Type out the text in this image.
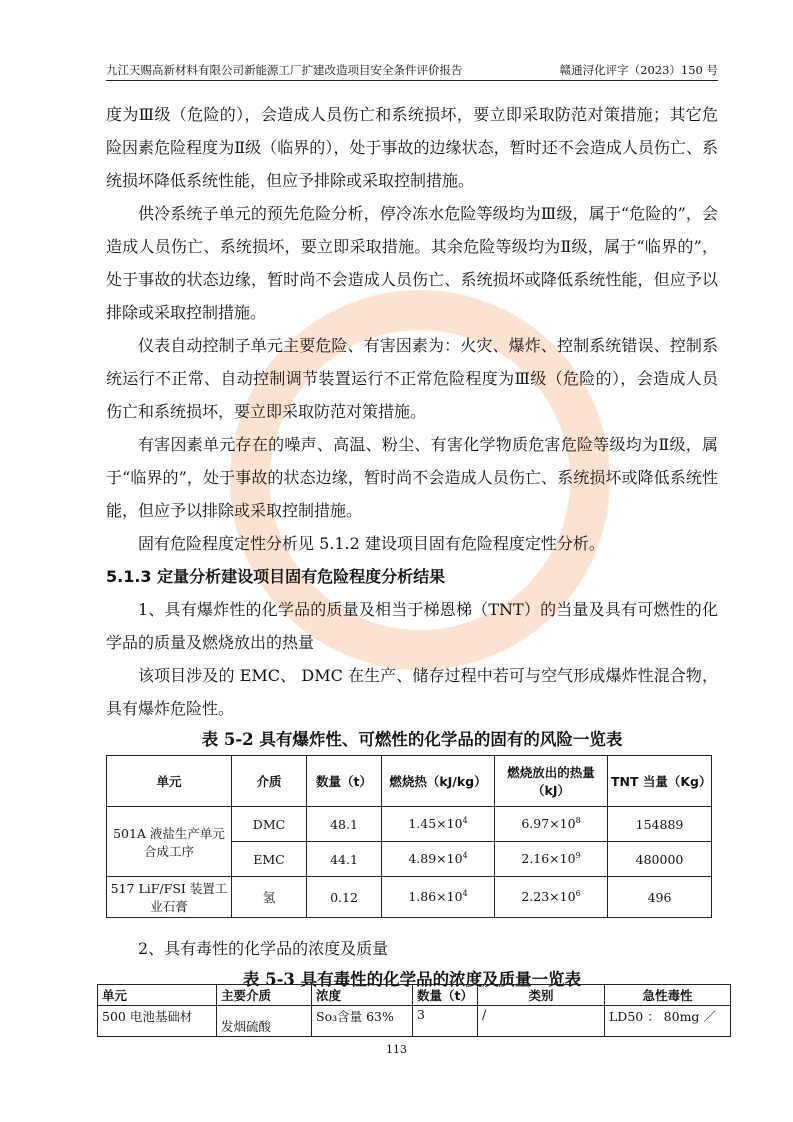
九江天赐高新材料有限公司新能源工厂扩建改造项目安全条件评价报告	赣通浔化评字（2023）150 号

度为Ⅲ级（危险的），会造成人员伤亡和系统损坏，要立即采取防范对策措施；其它危险因素危险程度为Ⅱ级（临界的），处于事故的边缘状态，暂时还不会造成人员伤亡、系统损坏降低系统性能，但应予排除或采取控制措施。

供冷系统子单元的预先危险分析，停冷冻水危险等级均为Ⅲ级，属于“危险的”，会造成人员伤亡、系统损坏，要立即采取措施。其余危险等级均为Ⅱ级，属于“临界的”，处于事故的状态边缘，暂时尚不会造成人员伤亡、系统损坏或降低系统性能，但应予以排除或采取控制措施。

仪表自动控制子单元主要危险、有害因素为：火灾、爆炸、控制系统错误、控制系统运行不正常、自动控制调节装置运行不正常危险程度为Ⅲ级（危险的），会造成人员伤亡和系统损坏，要立即采取防范对策措施。

有害因素单元存在的噪声、高温、粉尘、有害化学物质危害危险等级均为Ⅱ级，属于“临界的”，处于事故的状态边缘，暂时尚不会造成人员伤亡、系统损坏或降低系统性能，但应予以排除或采取控制措施。

固有危险程度定性分析见 5.1.2 建设项目固有危险程度定性分析。

5.1.3 定量分析建设项目固有危险程度分析结果

1、具有爆炸性的化学品的质量及相当于梯恩梯（TNT）的当量及具有可燃性的化学品的质量及燃烧放出的热量

该项目涉及的 EMC、 DMC 在生产、储存过程中若可与空气形成爆炸性混合物，具有爆炸危险性。

表 5-2 具有爆炸性、可燃性的化学品的固有的风险一览表
单元	介质	数量（t）	燃烧热（kJ/kg）	燃烧放出的热量（kJ）	TNT 当量（Kg）
501A 液盐生产单元合成工序	DMC	48.1	$1.45\times 10^4$	$6.97\times 10^8$	154889
	EMC	44.1	$4.89\times 10^4$	$2.16\times 10^9$	480000
517 LiF/FSI 装置工业石膏	氢	0.12	$1.86\times 10^4$	$2.23\times 10^6$	496

2、具有毒性的化学品的浓度及质量

表 5-3 具有毒性的化学品的浓度及质量一览表
单元	主要介质	浓度	数量（t）	类别	急性毒性
500 电池基础材	发烟硫酸	So₃含量 63%	3	/	LD50 ： 80mg ／
113
